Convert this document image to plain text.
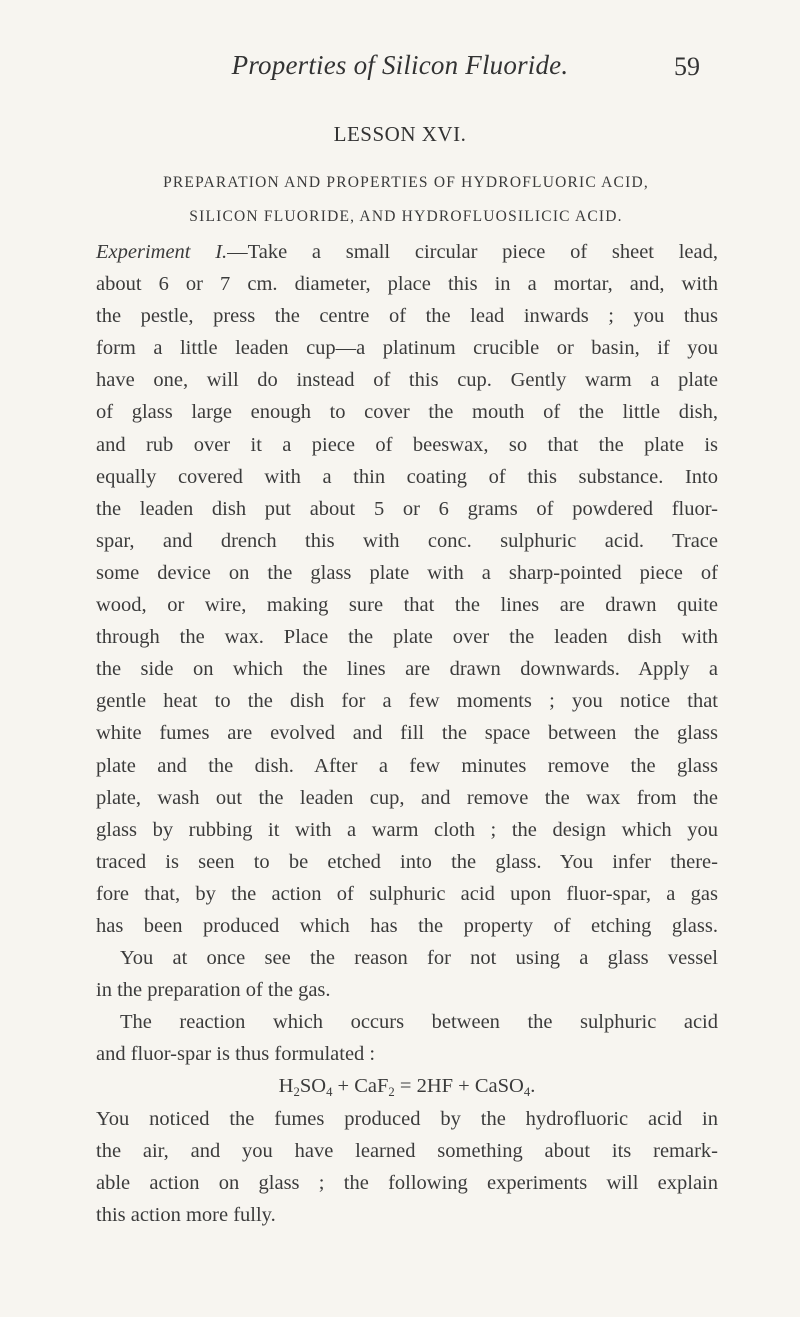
Properties of Silicon Fluoride.	59
LESSON XVI.
PREPARATION AND PROPERTIES OF HYDROFLUORIC ACID,
SILICON FLUORIDE, AND HYDROFLUOSILICIC ACID.
Experiment I.—Take a small circular piece of sheet lead,
about 6 or 7 cm. diameter, place this in a mortar, and, with
the pestle, press the centre of the lead inwards ; you thus
form a little leaden cup—a platinum crucible or basin, if you
have one, will do instead of this cup. Gently warm a plate
of glass large enough to cover the mouth of the little dish,
and rub over it a piece of beeswax, so that the plate is
equally covered with a thin coating of this substance. Into
the leaden dish put about 5 or 6 grams of powdered fluor-
spar, and drench this with conc. sulphuric acid. Trace
some device on the glass plate with a sharp-pointed piece of
wood, or wire, making sure that the lines are drawn quite
through the wax. Place the plate over the leaden dish with
the side on which the lines are drawn downwards. Apply a
gentle heat to the dish for a few moments ; you notice that
white fumes are evolved and fill the space between the glass
plate and the dish. After a few minutes remove the glass
plate, wash out the leaden cup, and remove the wax from the
glass by rubbing it with a warm cloth ; the design which you
traced is seen to be etched into the glass. You infer there-
fore that, by the action of sulphuric acid upon fluor-spar, a gas
has been produced which has the property of etching glass.
You at once see the reason for not using a glass vessel
in the preparation of the gas.
The reaction which occurs between the sulphuric acid
and fluor-spar is thus formulated :
$H_2SO_4 + CaF_2 = 2HF$ + CaSO$_4$.
You noticed the fumes produced by the hydrofluoric acid in
the air, and you have learned something about its remark-
able action on glass ; the following experiments will explain
this action more fully.
